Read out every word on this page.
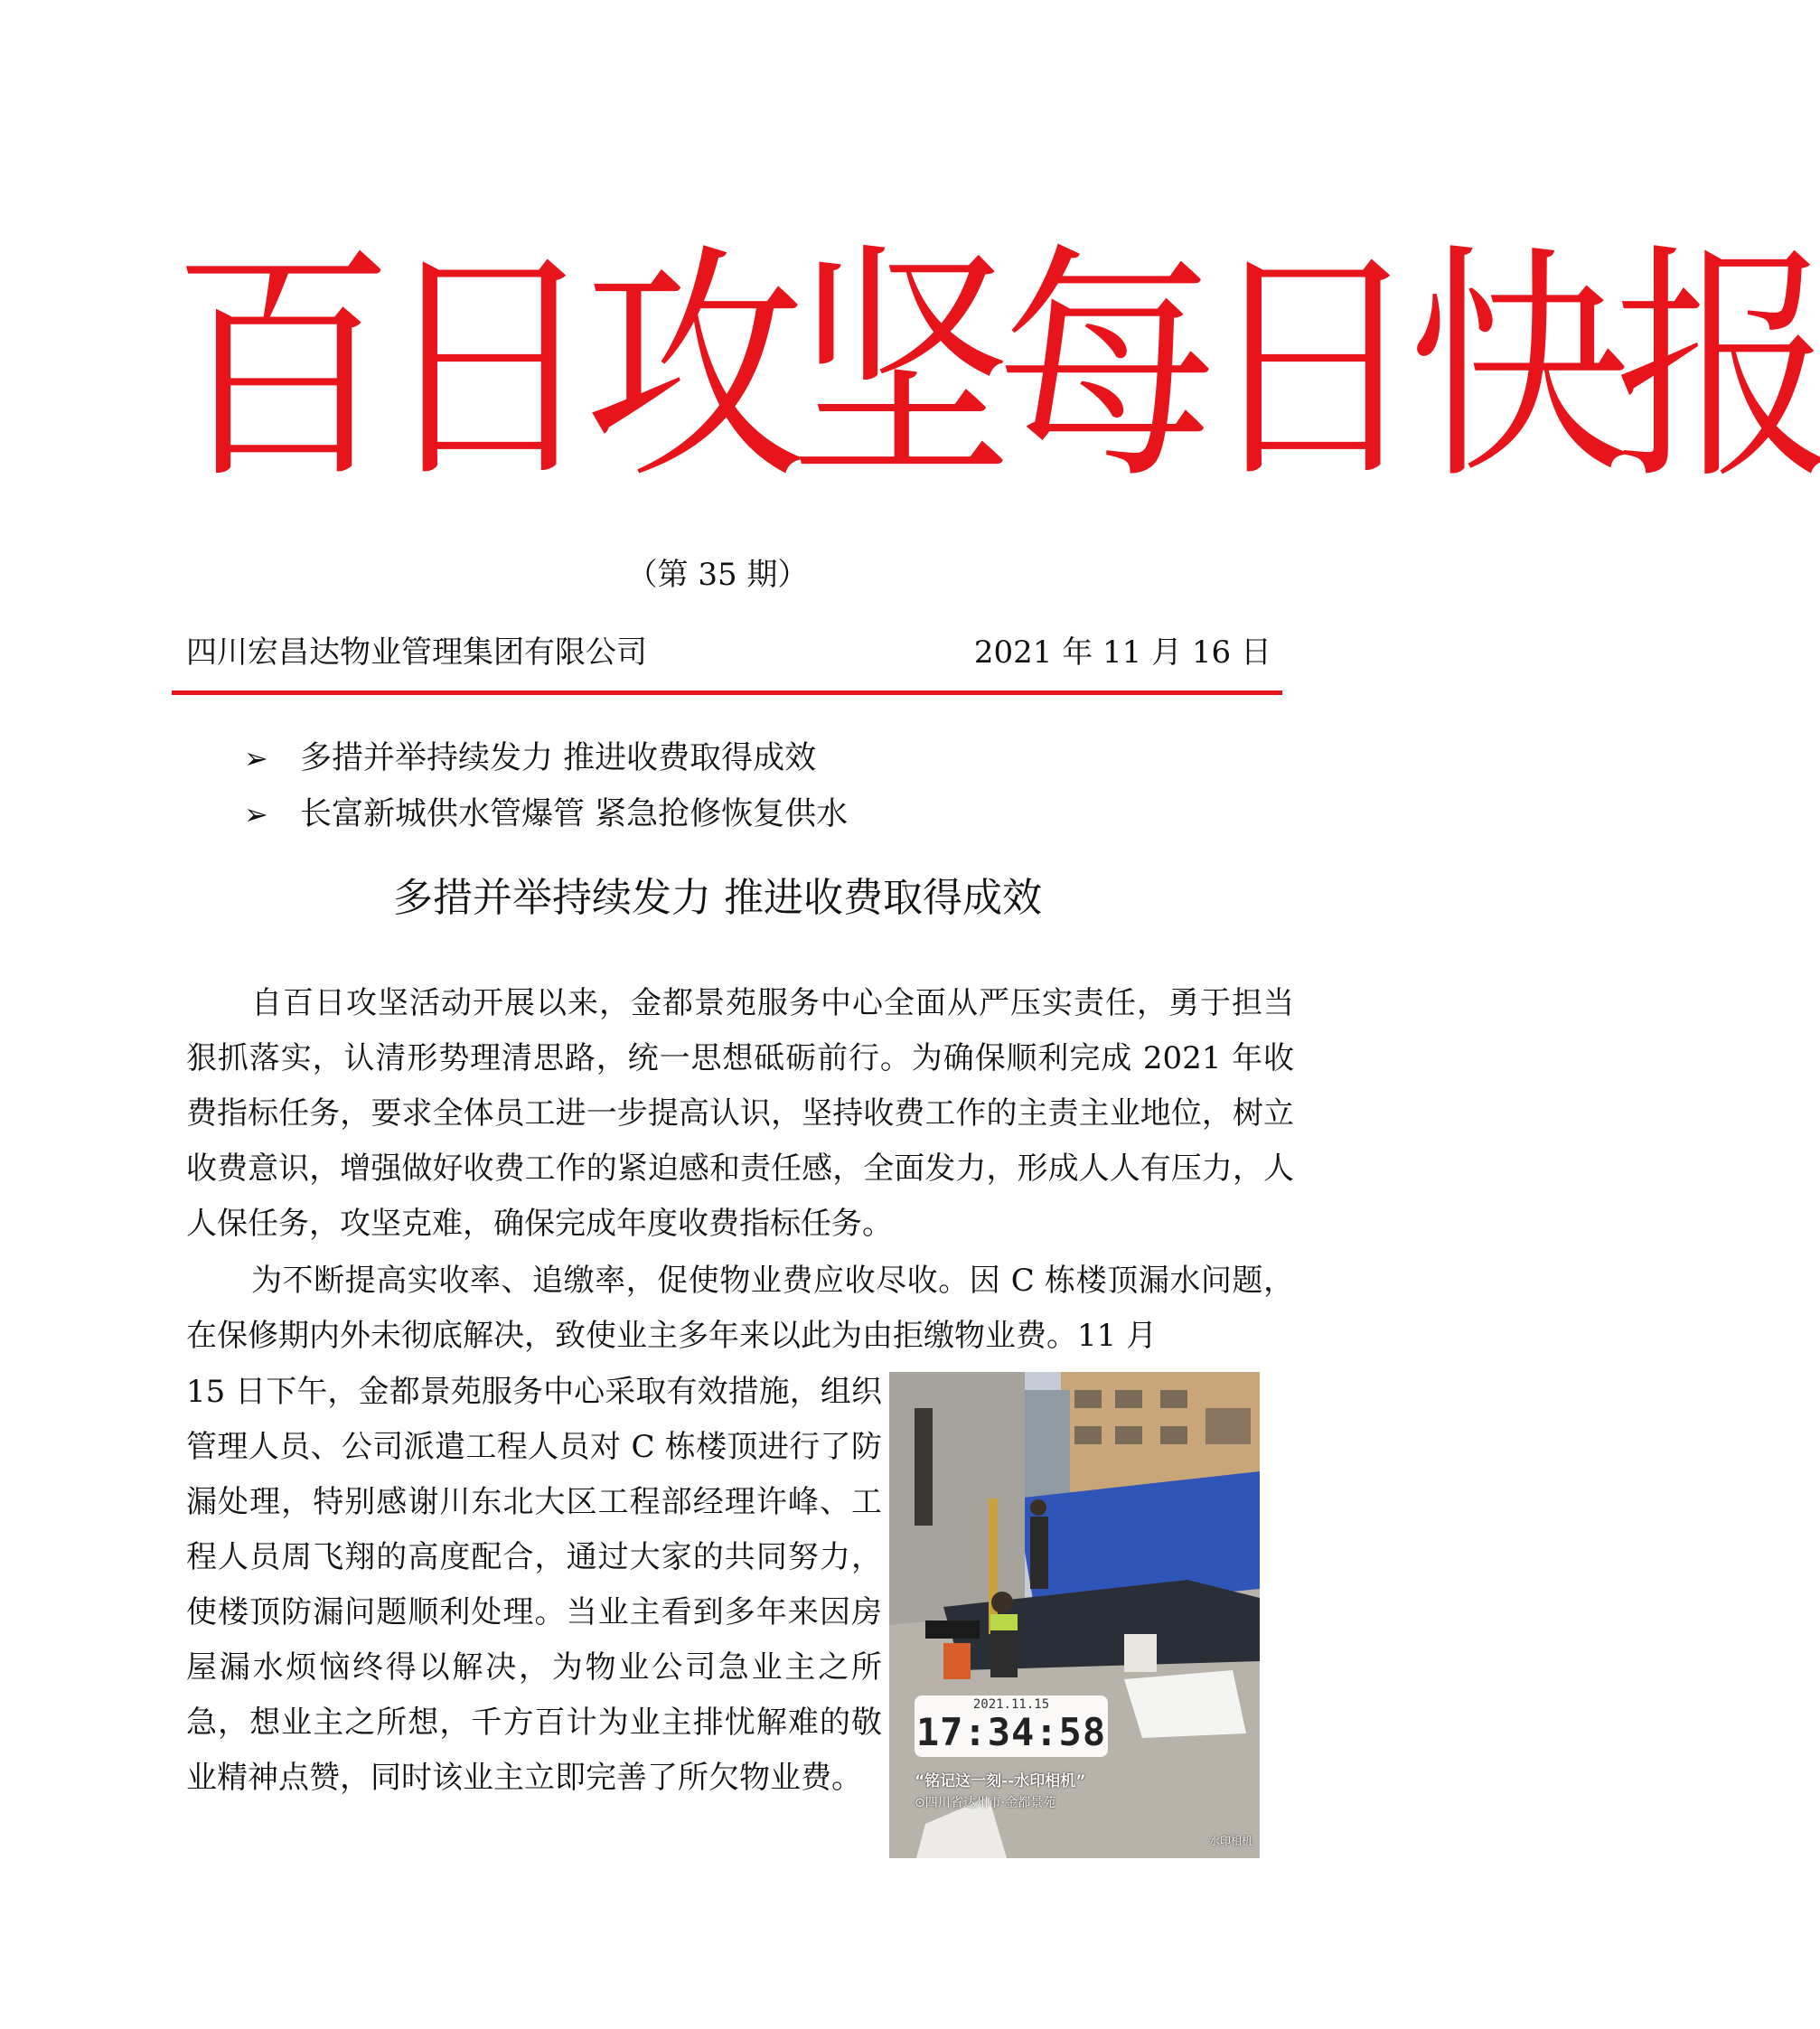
百日攻坚每日快报
（第 35 期）
四川宏昌达物业管理集团有限公司	2021 年 11 月 16 日
➢ 多措并举持续发力 推进收费取得成效
➢ 长富新城供水管爆管 紧急抢修恢复供水
多措并举持续发力 推进收费取得成效

自百日攻坚活动开展以来，金都景苑服务中心全面从严压实责任，勇于担当狠抓落实，认清形势理清思路，统一思想砥砺前行。为确保顺利完成 2021 年收费指标任务，要求全体员工进一步提高认识，坚持收费工作的主责主业地位，树立收费意识，增强做好收费工作的紧迫感和责任感，全面发力，形成人人有压力，人人保任务，攻坚克难，确保完成年度收费指标任务。

为不断提高实收率、追缴率，促使物业费应收尽收。因 C 栋楼顶漏水问题，在保修期内外未彻底解决，致使业主多年来以此为由拒缴物业费。11 月

15 日下午，金都景苑服务中心采取有效措施，组织管理人员、公司派遣工程人员对 C 栋楼顶进行了防漏处理，特别感谢川东北大区工程部经理许峰、工程人员周飞翔的高度配合，通过大家的共同努力，使楼顶防漏问题顺利处理。当业主看到多年来因房屋漏水烦恼终得以解决，为物业公司急业主之所急，想业主之所想，千方百计为业主排忧解难的敬业精神点赞，同时该业主立即完善了所欠物业费。

2021.11.15
17:34:58
“铭记这一刻--水印相机”
⊙四川省达州市·金都景苑
水印相机
